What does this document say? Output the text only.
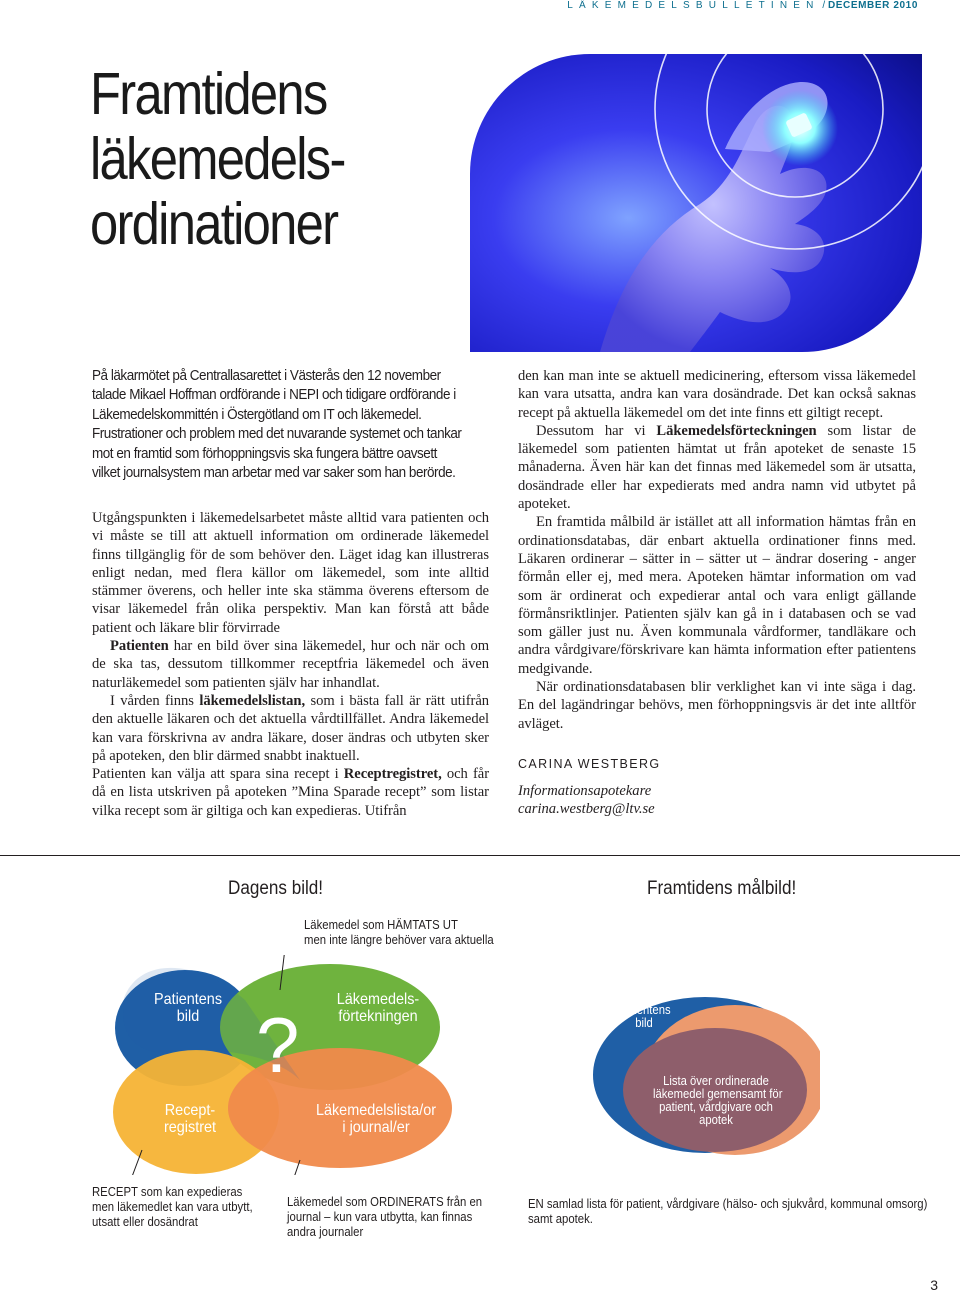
LÄKEMEDELSBULLETINEN / DECEMBER 2010
Framtidens
läkemedels-
ordinationer
På läkarmötet på Centrallasarettet i Västerås den 12 november talade Mikael Hoffman ordförande i NEPI och tidigare ordförande i Läkemedelskommittén i Östergötland om IT och läkemedel. Frustrationer och problem med det nuvarande systemet och tankar mot en framtid som förhoppningsvis ska fungera bättre oavsett vilket journalsystem man arbetar med var saker som han berörde.

Utgångspunkten i läkemedelsarbetet måste alltid vara patienten och vi måste se till att aktuell information om ordinerade läkemedel finns tillgänglig för de som behöver den. Läget idag kan illustreras enligt nedan, med flera källor om läkemedel, som inte alltid stämmer överens, och heller inte ska stämma överens eftersom de visar läkemedel från olika perspektiv. Man kan förstå att både patient och läkare blir förvirrade

Patienten har en bild över sina läkemedel, hur och när och om de ska tas, dessutom tillkommer receptfria läkemedel och även naturläkemedel som patienten själv har inhandlat.

I vården finns läkemedelslistan, som i bästa fall är rätt utifrån den aktuelle läkaren och det aktuella vårdtillfället. Andra läkemedel kan vara förskrivna av andra läkare, doser ändras och utbyten sker på apoteken, den blir därmed snabbt inaktuell.

Patienten kan välja att spara sina recept i Receptregistret, och får då en lista utskriven på apoteken ”Mina Sparade recept” som listar vilka recept som är giltiga och kan expedieras. Utifrån

den kan man inte se aktuell medicinering, eftersom vissa läkemedel kan vara utsatta, andra kan vara dosändrade. Det kan också saknas recept på aktuella läkemedel om det inte finns ett giltigt recept.

Dessutom har vi Läkemedelsförteckningen som listar de läkemedel som patienten hämtat ut från apoteket de senaste 15 månaderna. Även här kan det finnas med läkemedel som är utsatta, dosändrade eller har expedierats med andra namn vid utbytet på apoteket.

En framtida målbild är istället att all information hämtas från en ordinationsdatabas, där enbart aktuella ordinationer finns med. Läkaren ordinerar – sätter in – sätter ut – ändrar dosering - anger förmån eller ej, med mera. Apoteken hämtar information om vad som är ordinerat och expedierar antal och vara enligt gällande förmånsriktlinjer. Patienten själv kan gå in i databasen och se vad som gäller just nu. Även kommunala vårdformer, tandläkare och andra vårdgivare/förskrivare kan hämta information efter patientens medgivande.

När ordinationsdatabasen blir verklighet kan vi inte säga i dag. En del lagändringar behövs, men förhoppningsvis är det inte alltför avläget.

CARINA WESTBERG
Informationsapotekare
carina.westberg@ltv.se
Dagens bild!	Framtidens målbild!
Läkemedel som HÄMTATS UT
men inte längre behöver vara aktuella
Patientens
bild
Läkemedels-
förtekningen
Recept-
registret
Läkemedelslista/or
i journal/er
?	Patientens
bild
Lista över ordinerade
läkemedel gemensamt för
patient, vårdgivare och
apotek
RECEPT som kan expedieras
men läkemedlet kan vara utbytt,
utsatt eller dosändrat
Läkemedel som ORDINERATS från en
journal – kun vara utbytta, kan finnas
andra journaler
EN samlad lista för patient, vårdgivare (hälso- och sjukvård, kommunal omsorg)
samt apotek.
3
